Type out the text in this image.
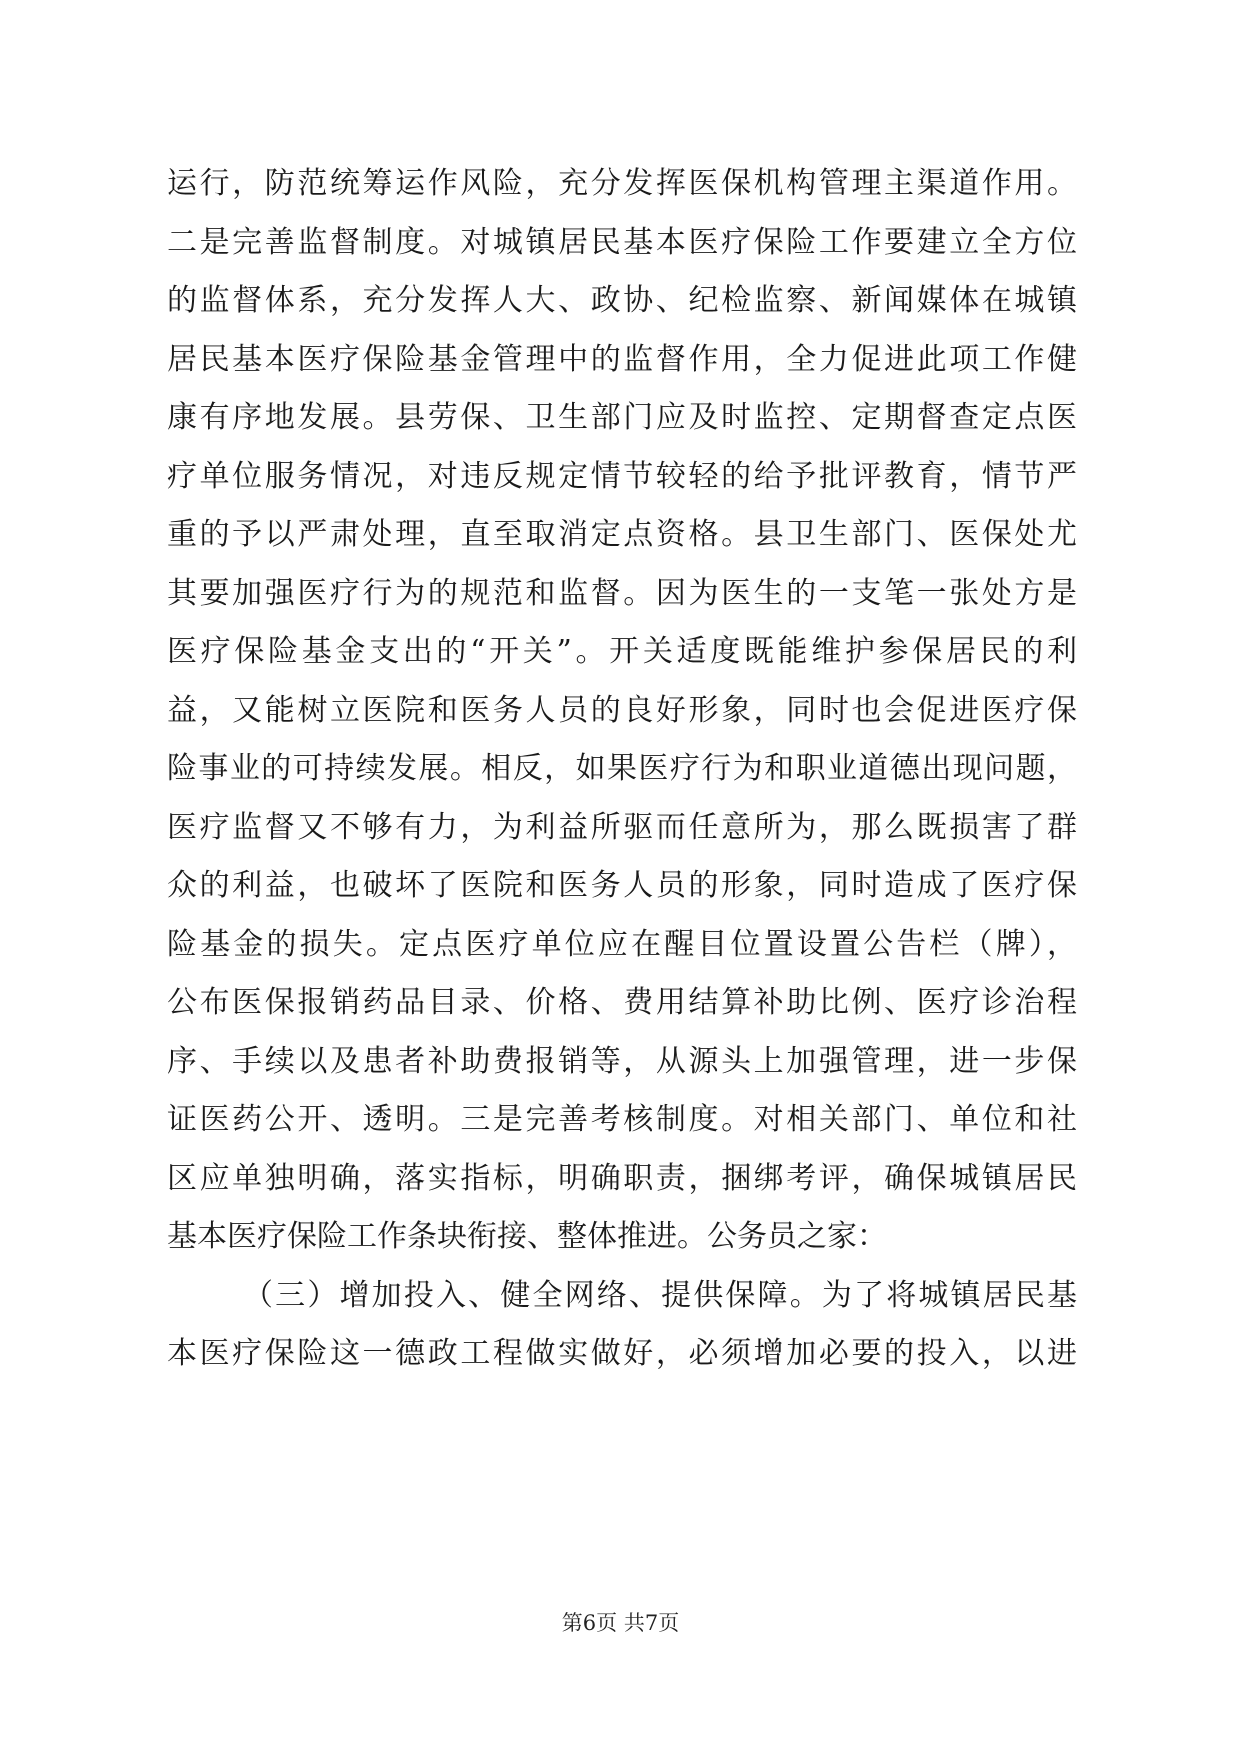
运行，防范统筹运作风险，充分发挥医保机构管理主渠道作用。
二是完善监督制度。对城镇居民基本医疗保险工作要建立全方位
的监督体系，充分发挥人大、政协、纪检监察、新闻媒体在城镇
居民基本医疗保险基金管理中的监督作用，全力促进此项工作健
康有序地发展。县劳保、卫生部门应及时监控、定期督查定点医
疗单位服务情况，对违反规定情节较轻的给予批评教育，情节严
重的予以严肃处理，直至取消定点资格。县卫生部门、医保处尤
其要加强医疗行为的规范和监督。因为医生的一支笔一张处方是
医疗保险基金支出的“开关”。开关适度既能维护参保居民的利
益，又能树立医院和医务人员的良好形象，同时也会促进医疗保
险事业的可持续发展。相反，如果医疗行为和职业道德出现问题，
医疗监督又不够有力，为利益所驱而任意所为，那么既损害了群
众的利益，也破坏了医院和医务人员的形象，同时造成了医疗保
险基金的损失。定点医疗单位应在醒目位置设置公告栏（牌），
公布医保报销药品目录、价格、费用结算补助比例、医疗诊治程
序、手续以及患者补助费报销等，从源头上加强管理，进一步保
证医药公开、透明。三是完善考核制度。对相关部门、单位和社
区应单独明确，落实指标，明确职责，捆绑考评，确保城镇居民
基本医疗保险工作条块衔接、整体推进。公务员之家：
（三）增加投入、健全网络、提供保障。为了将城镇居民基
本医疗保险这一德政工程做实做好，必须增加必要的投入，以进
第6页 共7页
